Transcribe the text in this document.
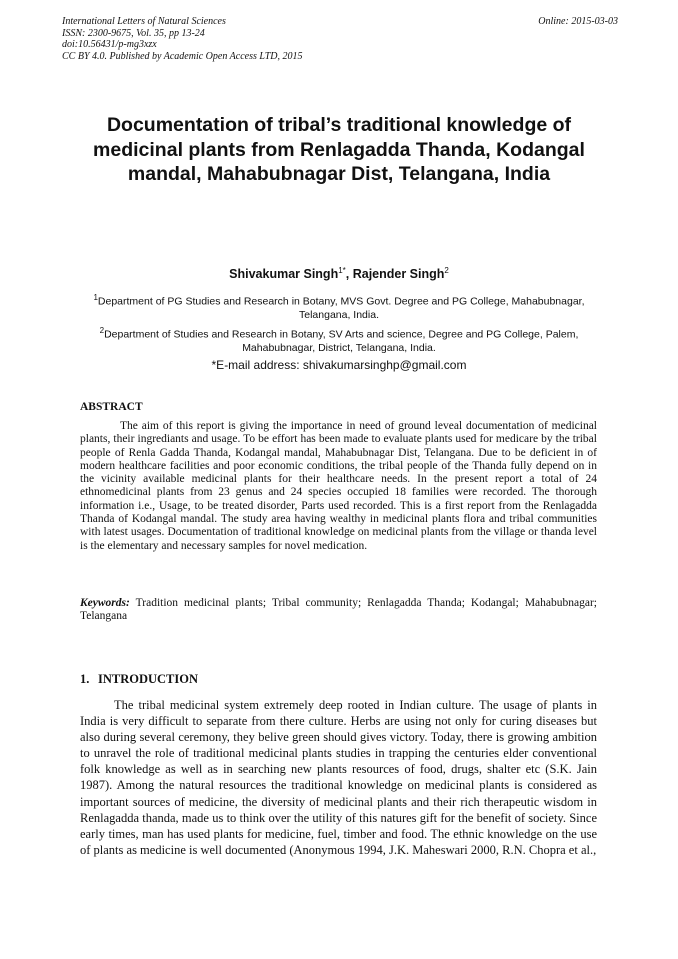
International Letters of Natural Sciences
ISSN: 2300-9675, Vol. 35, pp 13-24
doi:10.56431/p-mg3xzx
CC BY 4.0. Published by Academic Open Access LTD, 2015
Online: 2015-03-03
Documentation of tribal’s traditional knowledge of medicinal plants from Renlagadda Thanda, Kodangal mandal, Mahabubnagar Dist, Telangana, India
Shivakumar Singh$^{1*}$, Rajender Singh$^2$
$^1$Department of PG Studies and Research in Botany, MVS Govt. Degree and PG College, Mahabubnagar, Telangana, India.
$^2$Department of Studies and Research in Botany, SV Arts and science, Degree and PG College, Palem, Mahabubnagar, District, Telangana, India.
*E-mail address: shivakumarsinghp@gmail.com
ABSTRACT
The aim of this report is giving the importance in need of ground leveal documentation of medicinal plants, their ingrediants and usage. To be effort has been made to evaluate plants used for medicare by the tribal people of Renla Gadda Thanda, Kodangal mandal, Mahabubnagar Dist, Telangana. Due to be deficient in of modern healthcare facilities and poor economic conditions, the tribal people of the Thanda fully depend on in the vicinity available medicinal plants for their healthcare needs. In the present report a total of 24 ethnomedicinal plants from 23 genus and 24 species occupied 18 families were recorded. The thorough information i.e., Usage, to be treated disorder, Parts used recorded. This is a first report from the Renlagadda Thanda of Kodangal mandal. The study area having wealthy in medicinal plants flora and tribal communities with latest usages. Documentation of traditional knowledge on medicinal plants from the village or thanda level is the elementary and necessary samples for novel medication.
Keywords: Tradition medicinal plants; Tribal community; Renlagadda Thanda; Kodangal; Mahabubnagar; Telangana
1. INTRODUCTION
The tribal medicinal system extremely deep rooted in Indian culture. The usage of plants in India is very difficult to separate from there culture. Herbs are using not only for curing diseases but also during several ceremony, they belive green should gives victory. Today, there is growing ambition to unravel the role of traditional medicinal plants studies in trapping the centuries elder conventional folk knowledge as well as in searching new plants resources of food, drugs, shalter etc (S.K. Jain 1987). Among the natural resources the traditional knowledge on medicinal plants is considered as important sources of medicine, the diversity of medicinal plants and their rich therapeutic wisdom in Renlagadda thanda, made us to think over the utility of this natures gift for the benefit of society. Since early times, man has used plants for medicine, fuel, timber and food. The ethnic knowledge on the use of plants as medicine is well documented (Anonymous 1994, J.K. Maheswari 2000, R.N. Chopra et al.,
